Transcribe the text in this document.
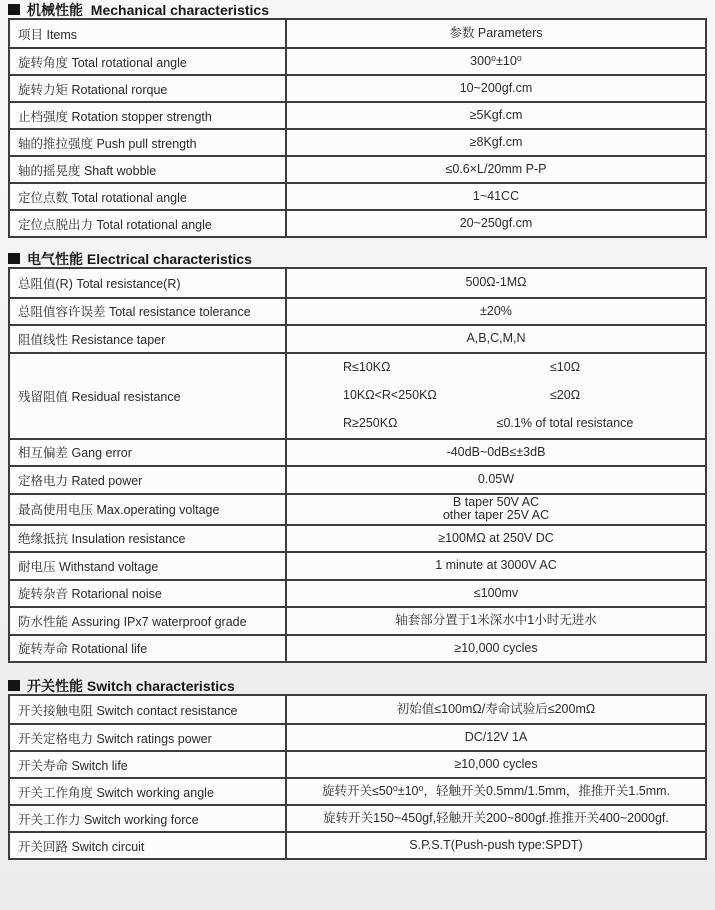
机械性能  Mechanical characteristics
项目 Items	参数 Parameters
旋转角度 Total rotational angle	300⁰±10⁰
旋转力矩 Rotational rorque	10~200gf.cm
止档强度 Rotation stopper strength	≥5Kgf.cm
轴的推拉强度 Push pull strength	≥8Kgf.cm
轴的摇晃度 Shaft wobble	≤0.6×L/20mm P-P
定位点数 Total rotational angle	1~41CC
定位点脱出力 Total rotational angle	20~250gf.cm
电气性能 Electrical characteristics
总阻值(R) Total resistance(R)	500Ω-1MΩ
总阻值容许误差 Total resistance tolerance	±20%
阻值线性 Resistance taper	A,B,C,M,N
残留阻值 Residual resistance
R≤10KΩ	≤10Ω
10KΩ<R<250KΩ	≤20Ω
R≥250KΩ	≤0.1% of total resistance
相互偏差 Gang error	-40dB~0dB≤±3dB
定格电力 Rated power	0.05W
最高使用电压 Max.operating voltage
B taper 50V AC
other taper 25V AC
绝缘抵抗 Insulation resistance	≥100MΩ at 250V DC
耐电压 Withstand voltage	1 minute at 3000V AC
旋转杂音 Rotarional noise	≤100mv
防水性能 Assuring IPx7 waterproof grade	轴套部分置于1米深水中1小时无进水
旋转寿命 Rotational life	≥10,000 cycles
开关性能 Switch characteristics
开关接触电阻 Switch contact resistance	初始值≤100mΩ/寿命试验后≤200mΩ
开关定格电力 Switch ratings power	DC/12V 1A
开关寿命 Switch life	≥10,000 cycles
开关工作角度 Switch working angle	旋转开关≤50⁰±10⁰，轻触开关0.5mm/1.5mm，推推开关1.5mm.
开关工作力 Switch working force	旋转开关150~450gf,轻触开关200~800gf.推推开关400~2000gf.
开关回路 Switch circuit	S.P.S.T(Push-push type:SPDT)
